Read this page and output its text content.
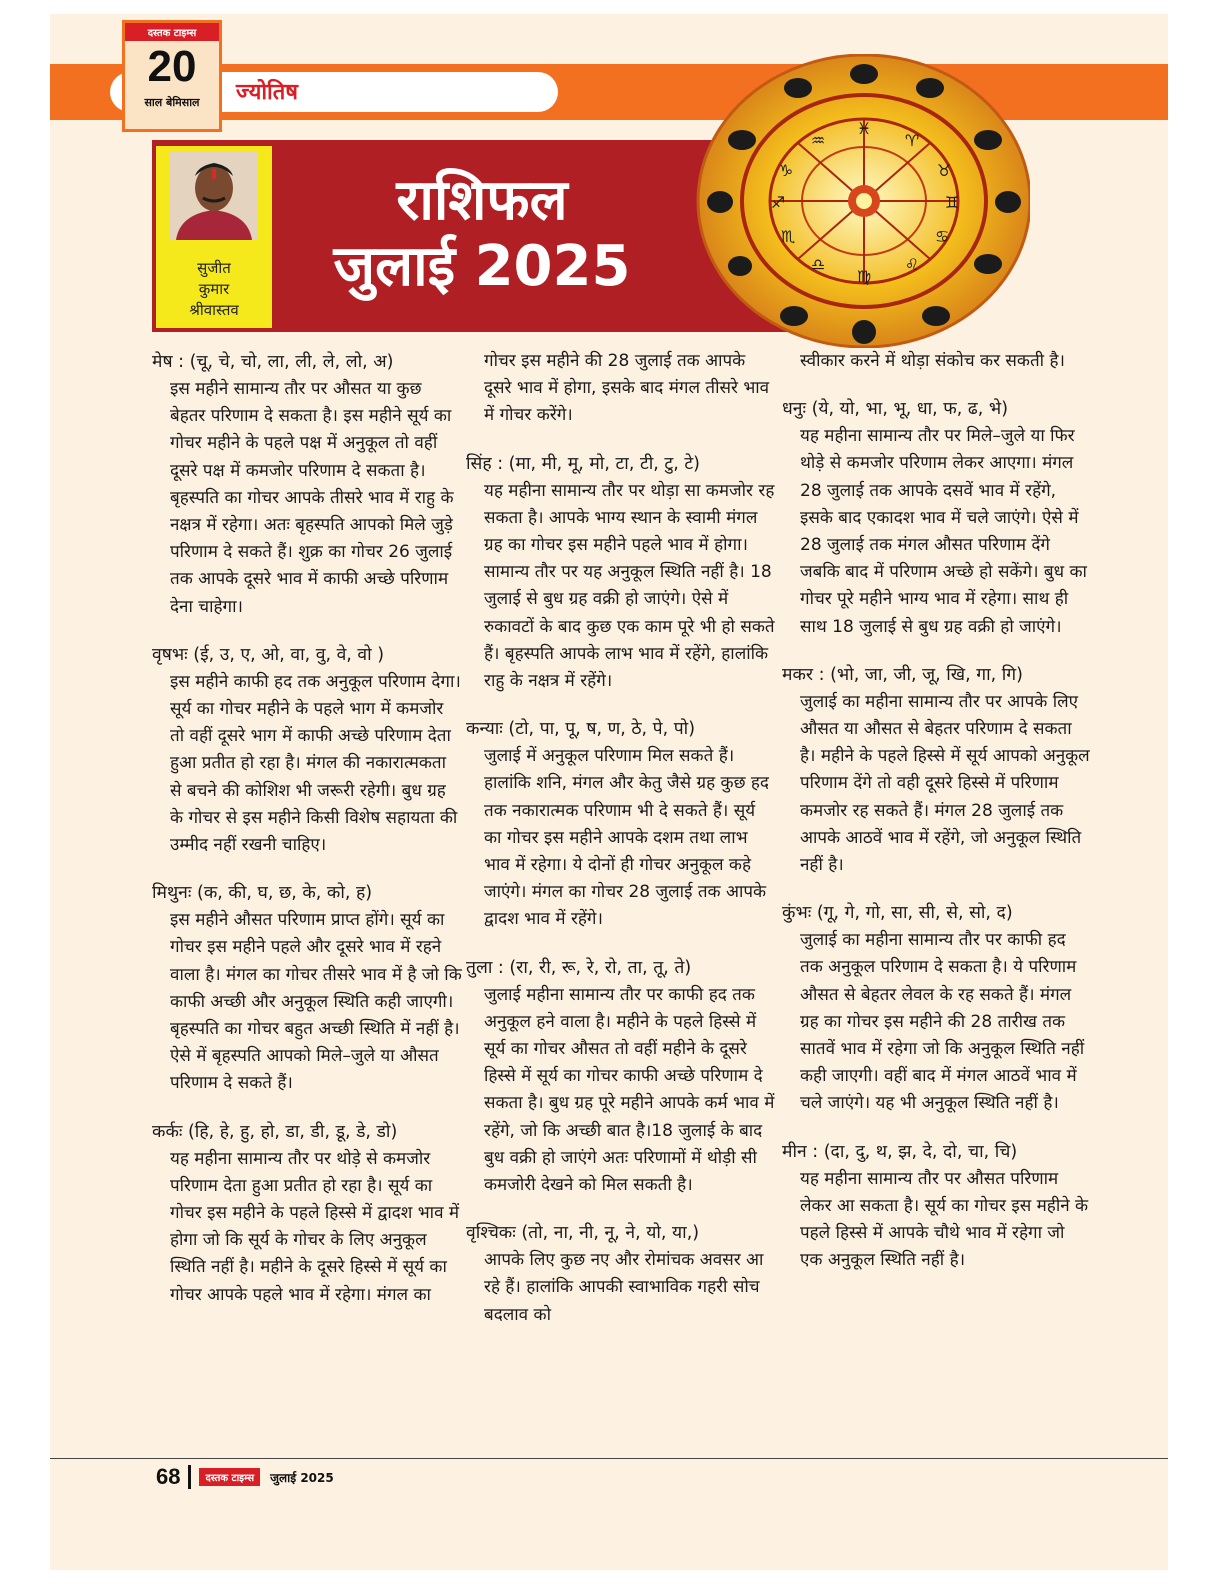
ज्योतिष
दस्तक टाइम्स
20
साल बेमिसाल
सुजीत
कुमार
श्रीवास्तव
राशिफल
जुलाई 2025
♓
♈
♉
♊
♋
♌
♍
♎
♏
♐
♑
♒
मेष : (चू, चे, चो, ला, ली, ले, लो, अ)
इस महीने सामान्य तौर पर औसत या कुछ बेहतर परिणाम दे सकता है। इस महीने सूर्य का गोचर महीने के पहले पक्ष में अनुकूल तो वहीं दूसरे पक्ष में कमजोर परिणाम दे सकता है। बृहस्पति का गोचर आपके तीसरे भाव में राहु के नक्षत्र में रहेगा। अतः बृहस्पति आपको मिले जुड़े परिणाम दे सकते हैं। शुक्र का गोचर 26 जुलाई तक आपके दूसरे भाव में काफी अच्छे परिणाम देना चाहेगा।
वृषभः (ई, उ, ए, ओ, वा, वु, वे, वो )
इस महीने काफी हद तक अनुकूल परिणाम देगा। सूर्य का गोचर महीने के पहले भाग में कमजोर तो वहीं दूसरे भाग में काफी अच्छे परिणाम देता हुआ प्रतीत हो रहा है। मंगल की नकारात्मकता से बचने की कोशिश भी जरूरी रहेगी। बुध ग्रह के गोचर से इस महीने किसी विशेष सहायता की उम्मीद नहीं रखनी चाहिए।
मिथुनः (क, की, घ, छ, के, को, ह)
इस महीने औसत परिणाम प्राप्त होंगे। सूर्य का गोचर इस महीने पहले और दूसरे भाव में रहने वाला है। मंगल का गोचर तीसरे भाव में है जो कि काफी अच्छी और अनुकूल स्थिति कही जाएगी। बृहस्पति का गोचर बहुत अच्छी स्थिति में नहीं है। ऐसे में बृहस्पति आपको मिले–जुले या औसत परिणाम दे सकते हैं।
कर्कः (हि, हे, हु, हो, डा, डी, डू, डे, डो)
यह महीना सामान्य तौर पर थोड़े से कमजोर परिणाम देता हुआ प्रतीत हो रहा है। सूर्य का गोचर इस महीने के पहले हिस्से में द्वादश भाव में होगा जो कि सूर्य के गोचर के लिए अनुकूल स्थिति नहीं है। महीने के दूसरे हिस्से में सूर्य का गोचर आपके पहले भाव में रहेगा। मंगल का
गोचर इस महीने की 28 जुलाई तक आपके दूसरे भाव में होगा, इसके बाद मंगल तीसरे भाव में गोचर करेंगे।
सिंह : (मा, मी, मू, मो, टा, टी, टु, टे)
यह महीना सामान्य तौर पर थोड़ा सा कमजोर रह सकता है। आपके भाग्य स्थान के स्वामी मंगल ग्रह का गोचर इस महीने पहले भाव में होगा। सामान्य तौर पर यह अनुकूल स्थिति नहीं है। 18 जुलाई से बुध ग्रह वक्री हो जाएंगे। ऐसे में रुकावटों के बाद कुछ एक काम पूरे भी हो सकते हैं। बृहस्पति आपके लाभ भाव में रहेंगे, हालांकि राहु के नक्षत्र में रहेंगे।
कन्याः (टो, पा, पू, ष, ण, ठे, पे, पो)
जुलाई में अनुकूल परिणाम मिल सकते हैं। हालांकि शनि, मंगल और केतु जैसे ग्रह कुछ हद तक नकारात्मक परिणाम भी दे सकते हैं। सूर्य का गोचर इस महीने आपके दशम तथा लाभ भाव में रहेगा। ये दोनों ही गोचर अनुकूल कहे जाएंगे। मंगल का गोचर 28 जुलाई तक आपके द्वादश भाव में रहेंगे।
तुला : (रा, री, रू, रे, रो, ता, तू, ते)
जुलाई महीना सामान्य तौर पर काफी हद तक अनुकूल हने वाला है। महीने के पहले हिस्से में सूर्य का गोचर औसत तो वहीं महीने के दूसरे हिस्से में सूर्य का गोचर काफी अच्छे परिणाम दे सकता है। बुध ग्रह पूरे महीने आपके कर्म भाव में रहेंगे, जो कि अच्छी बात है।18 जुलाई के बाद बुध वक्री हो जाएंगे अतः परिणामों में थोड़ी सी कमजोरी देखने को मिल सकती है।
वृश्चिकः (तो, ना, नी, नू, ने, यो, या,)
आपके लिए कुछ नए और रोमांचक अवसर आ रहे हैं। हालांकि आपकी स्वाभाविक गहरी सोच बदलाव को
स्वीकार करने में थोड़ा संकोच कर सकती है।
धनुः (ये, यो, भा, भू, धा, फ, ढ, भे)
यह महीना सामान्य तौर पर मिले–जुले या फिर थोड़े से कमजोर परिणाम लेकर आएगा। मंगल 28 जुलाई तक आपके दसवें भाव में रहेंगे, इसके बाद एकादश भाव में चले जाएंगे। ऐसे में 28 जुलाई तक मंगल औसत परिणाम देंगे जबकि बाद में परिणाम अच्छे हो सकेंगे। बुध का गोचर पूरे महीने भाग्य भाव में रहेगा। साथ ही साथ 18 जुलाई से बुध ग्रह वक्री हो जाएंगे।
मकर : (भो, जा, जी, जू, खि, गा, गि)
जुलाई का महीना सामान्य तौर पर आपके लिए औसत या औसत से बेहतर परिणाम दे सकता है। महीने के पहले हिस्से में सूर्य आपको अनुकूल परिणाम देंगे तो वही दूसरे हिस्से में परिणाम कमजोर रह सकते हैं। मंगल 28 जुलाई तक आपके आठवें भाव में रहेंगे, जो अनुकूल स्थिति नहीं है।
कुंभः (गू, गे, गो, सा, सी, से, सो, द)
जुलाई का महीना सामान्य तौर पर काफी हद तक अनुकूल परिणाम दे सकता है। ये परिणाम औसत से बेहतर लेवल के रह सकते हैं। मंगल ग्रह का गोचर इस महीने की 28 तारीख तक सातवें भाव में रहेगा जो कि अनुकूल स्थिति नहीं कही जाएगी। वहीं बाद में मंगल आठवें भाव में चले जाएंगे। यह भी अनुकूल स्थिति नहीं है।
मीन : (दा, दु, थ, झ, दे, दो, चा, चि)
यह महीना सामान्य तौर पर औसत परिणाम लेकर आ सकता है। सूर्य का गोचर इस महीने के पहले हिस्से में आपके चौथे भाव में रहेगा जो एक अनुकूल स्थिति नहीं है।
68	दस्तक टाइम्स	जुलाई 2025
